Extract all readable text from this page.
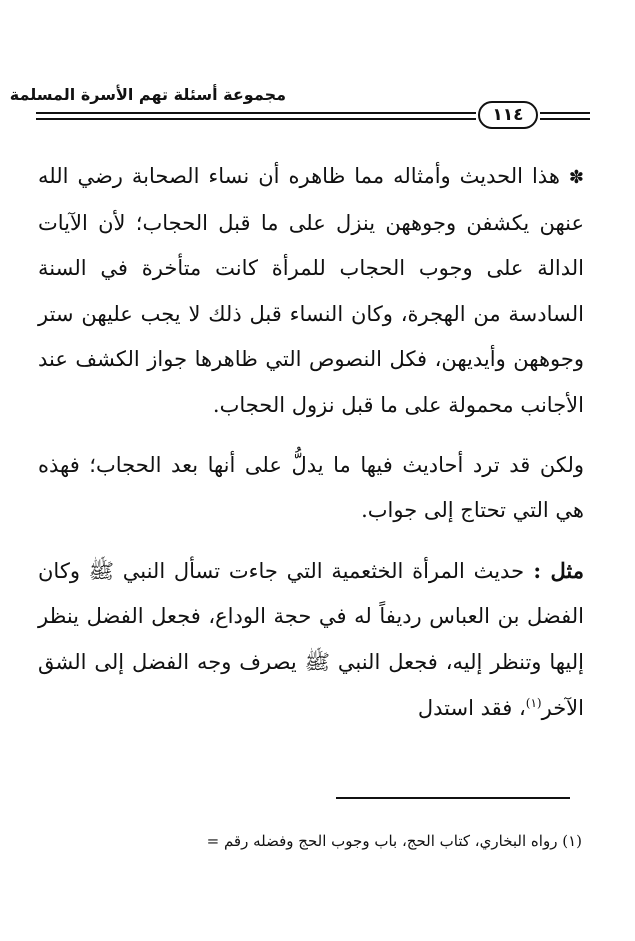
مجموعة أسئلة تهم الأسرة المسلمة
١١٤

✽ هذا الحديث وأمثاله مما ظاهره أن نساء الصحابة رضي الله عنهن يكشفن وجوههن ينزل على ما قبل الحجاب؛ لأن الآيات الدالة على وجوب الحجاب للمرأة كانت متأخرة في السنة السادسة من الهجرة، وكان النساء قبل ذلك لا يجب عليهن ستر وجوههن وأيديهن، فكل النصوص التي ظاهرها جواز الكشف عند الأجانب محمولة على ما قبل نزول الحجاب.

ولكن قد ترد أحاديث فيها ما يدلُّ على أنها بعد الحجاب؛ فهذه هي التي تحتاج إلى جواب.

مثل : حديث المرأة الخثعمية التي جاءت تسأل النبي ﷺ وكان الفضل بن العباس رديفاً له في حجة الوداع، فجعل الفضل ينظر إليها وتنظر إليه، فجعل النبي ﷺ يصرف وجه الفضل إلى الشق الآخر$^{(١)}$، فقد استدل

(١) رواه البخاري، كتاب الحج، باب وجوب الحج وفضله رقم =
